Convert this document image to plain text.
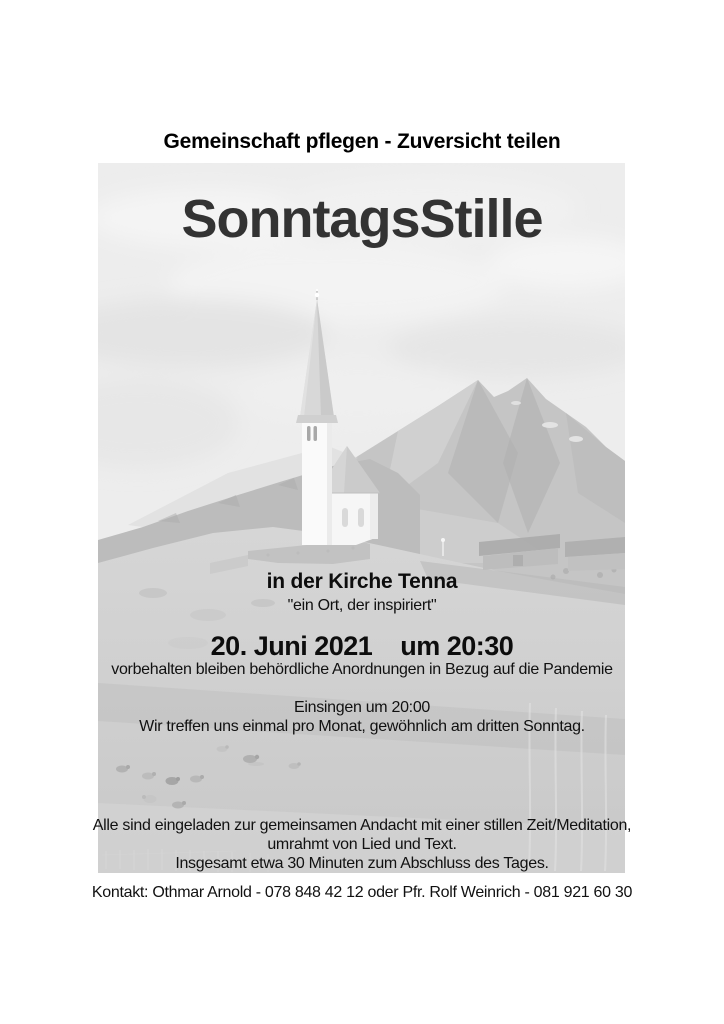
Gemeinschaft pflegen - Zuversicht teilen
SonntagsStille
in der Kirche Tenna
"ein Ort, der inspiriert"
20. Juni 2021    um 20:30
vorbehalten bleiben behördliche Anordnungen in Bezug auf die Pandemie
Einsingen um 20:00
Wir treffen uns einmal pro Monat, gewöhnlich am dritten Sonntag.
Alle sind eingeladen zur gemeinsamen Andacht mit einer stillen Zeit/Meditation,
umrahmt von Lied und Text.
Insgesamt etwa 30 Minuten zum Abschluss des Tages.
Kontakt: Othmar Arnold - 078 848 42 12 oder Pfr. Rolf Weinrich - 081 921 60 30
